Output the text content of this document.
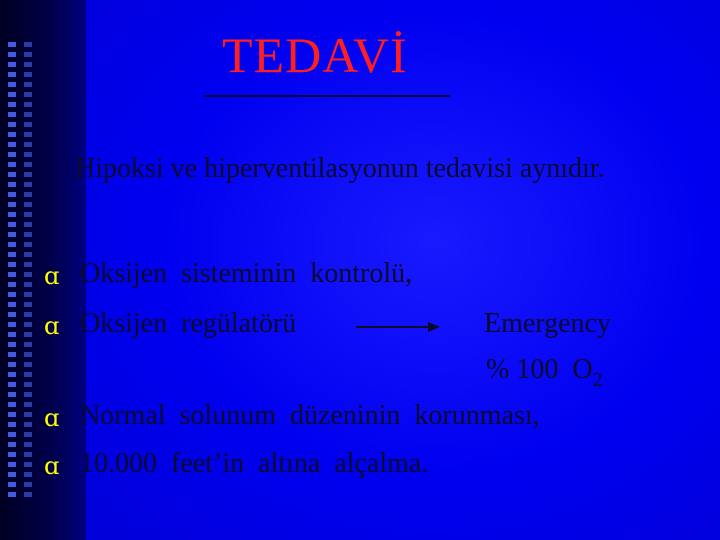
TEDAVİ
Hipoksi ve hiperventilasyonun tedavisi aynıdır.
ɑ Oksijen  sisteminin  kontrolü,
ɑ Oksijen  regülatörü	Emergency
% 100  $O_2$
ɑ Normal  solunum  düzeninin  korunması,
ɑ 10.000  feet’in  altına  alçalma.
